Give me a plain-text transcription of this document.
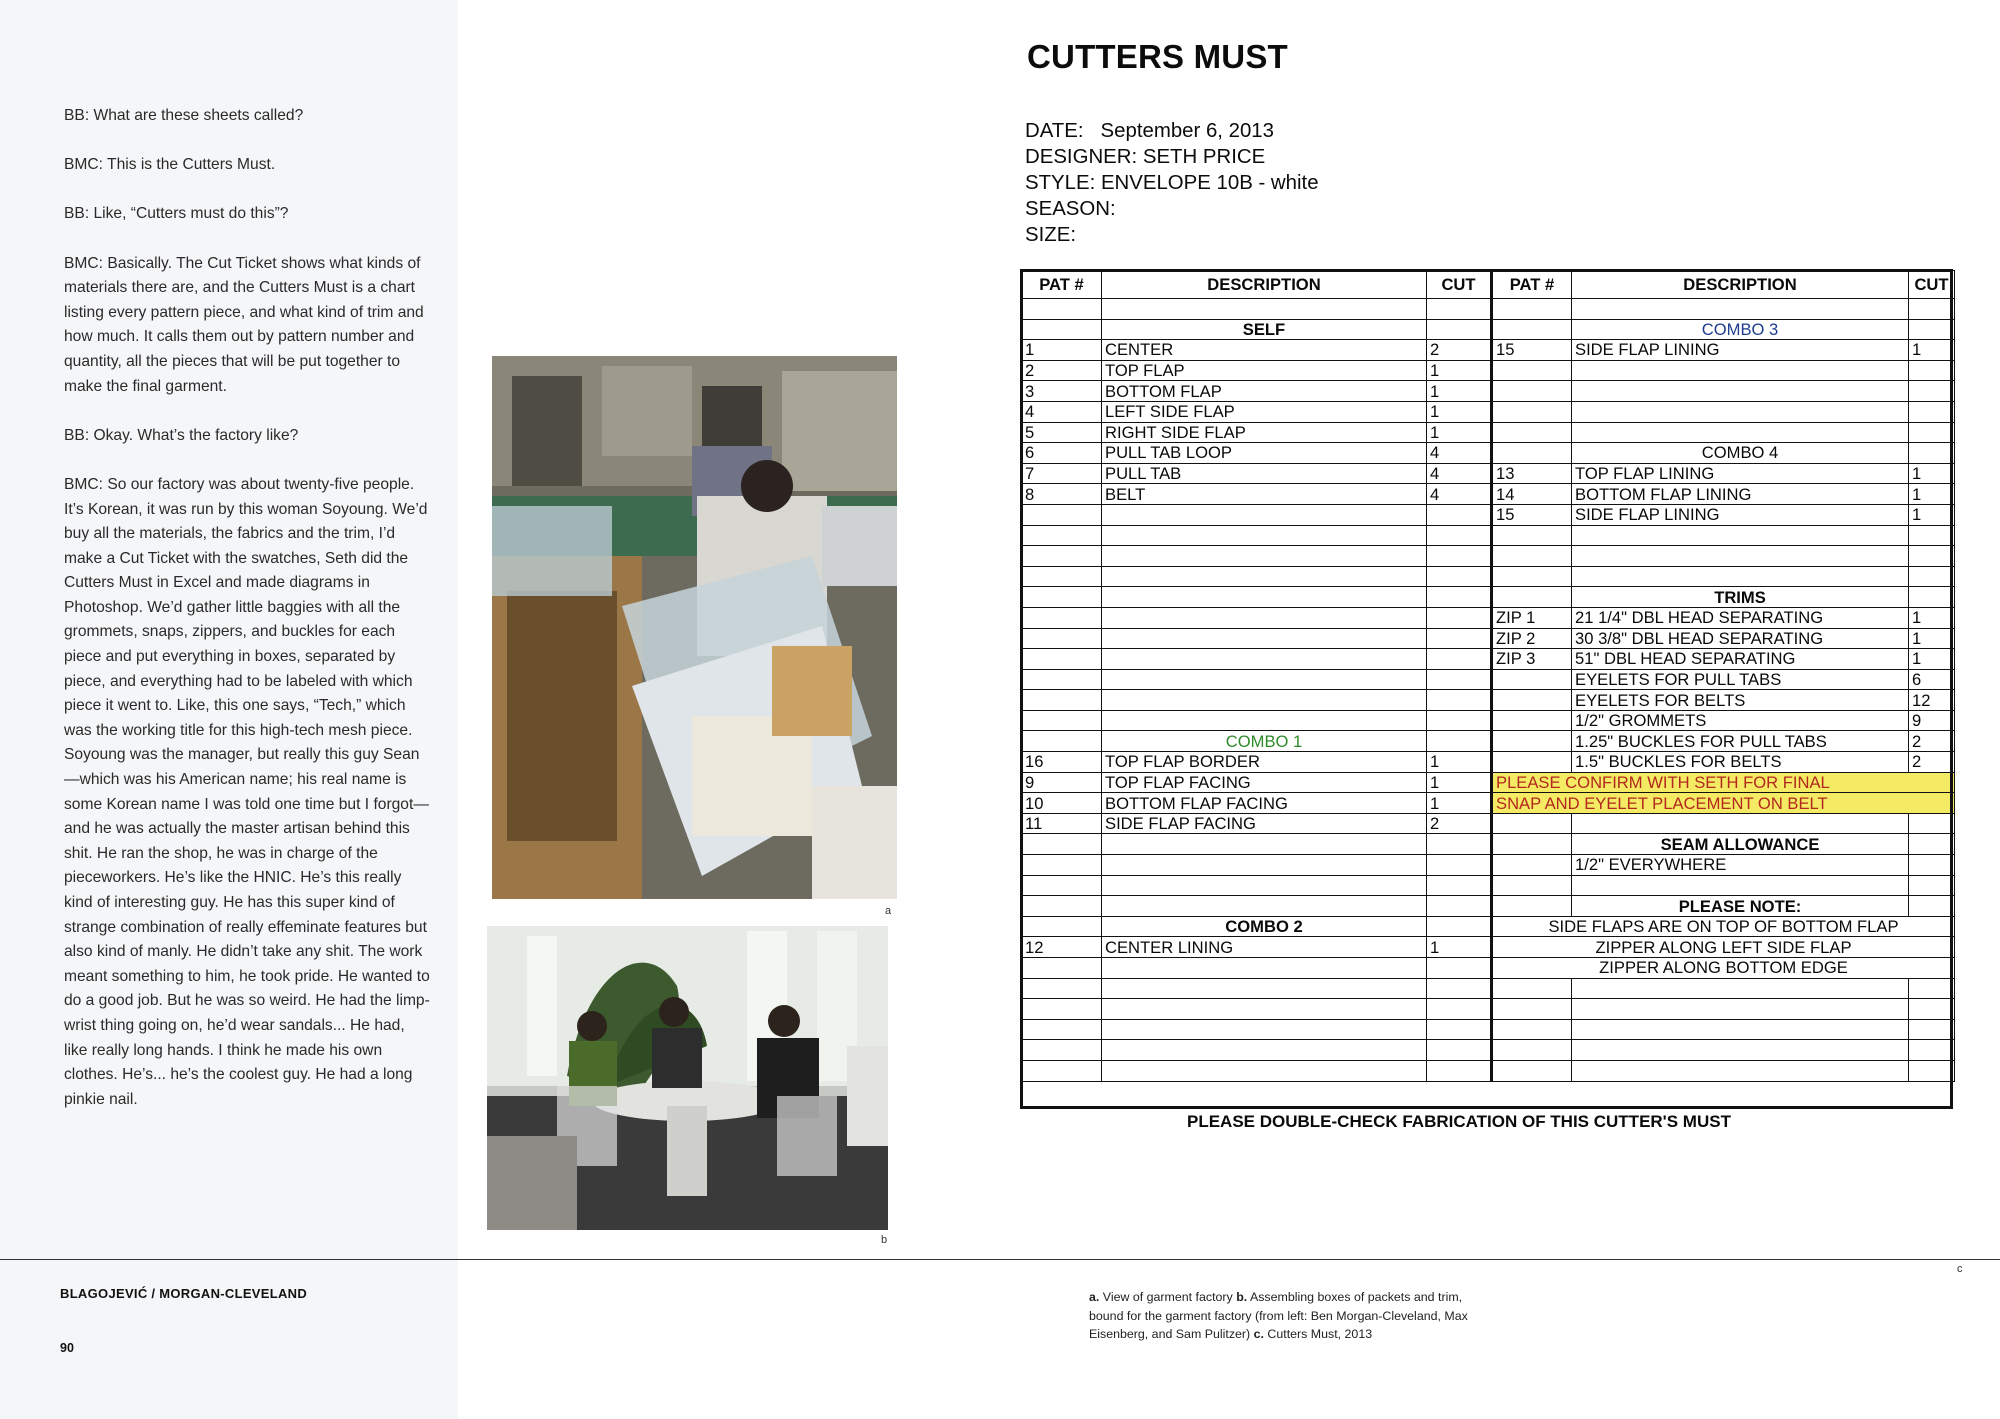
BB: What are these sheets called?

BMC: This is the Cutters Must.

BB: Like, “Cutters must do this”?

BMC: Basically. The Cut Ticket shows what kinds of materials there are, and the Cutters Must is a chart listing every pattern piece, and what kind of trim and how much. It calls them out by pattern number and quantity, all the pieces that will be put together to make the final garment.

BB: Okay. What’s the factory like?

BMC: So our factory was about twenty-five people. It’s Korean, it was run by this woman Soyoung. We’d buy all the materials, the fabrics and the trim, I’d make a Cut Ticket with the swatches, Seth did the Cutters Must in Excel and made diagrams in Photoshop. We’d gather little baggies with all the grommets, snaps, zippers, and buckles for each piece and put everything in boxes, separated by piece, and everything had to be labeled with which piece it went to. Like, this one says, “Tech,” which was the working title for this high-tech mesh piece. Soyoung was the manager, but really this guy Sean—which was his American name; his real name is some Korean name I was told one time but I forgot—and he was actually the master artisan behind this shit. He ran the shop, he was in charge of the pieceworkers. He’s like the HNIC. He’s this really kind of interesting guy. He has this super kind of strange combination of really effeminate features but also kind of manly. He didn’t take any shit. The work meant something to him, he took pride. He wanted to do a good job. But he was so weird. He had the limp-wrist thing going on, he’d wear sandals... He had, like really long hands. I think he made his own clothes. He’s... he’s the coolest guy. He had a long pinkie nail.

a
b
BLAGOJEVIĆ / MORGAN-CLEVELAND
90
a. View of garment factory b. Assembling boxes of packets and trim, bound for the garment factory (from left: Ben Morgan-Cleveland, Max Eisenberg, and Sam Pulitzer) c. Cutters Must, 2013
c
CUTTERS MUST
DATE: September 6, 2013
DESIGNER: SETH PRICE
STYLE: ENVELOPE 10B - white
SEASON:
SIZE:
PAT #	DESCRIPTION	CUT	PAT #	DESCRIPTION	CUT

	SELF			COMBO 3	
1	CENTER	2	15	SIDE FLAP LINING	1
2	TOP FLAP	1			
3	BOTTOM FLAP	1			
4	LEFT SIDE FLAP	1			
5	RIGHT SIDE FLAP	1			
6	PULL TAB LOOP	4		COMBO 4	
7	PULL TAB	4	13	TOP FLAP LINING	1
8	BELT	4	14	BOTTOM FLAP LINING	1
			15	SIDE FLAP LINING	1

				TRIMS	
			ZIP 1	21 1/4" DBL HEAD SEPARATING	1
			ZIP 2	30 3/8" DBL HEAD SEPARATING	1
			ZIP 3	51" DBL HEAD SEPARATING	1
				EYELETS FOR PULL TABS	6
				EYELETS FOR BELTS	12
				1/2" GROMMETS	9
	COMBO 1			1.25" BUCKLES FOR PULL TABS	2
16	TOP FLAP BORDER	1		1.5" BUCKLES FOR BELTS	2
9	TOP FLAP FACING	1	PLEASE CONFIRM WITH SETH FOR FINAL		
10	BOTTOM FLAP FACING	1	SNAP AND EYELET PLACEMENT ON BELT		
11	SIDE FLAP FACING	2			
				SEAM ALLOWANCE	
				1/2" EVERYWHERE	

				PLEASE NOTE:	
	COMBO 2		SIDE FLAPS ARE ON TOP OF BOTTOM FLAP		
12	CENTER LINING	1	ZIPPER ALONG LEFT SIDE FLAP		
			ZIPPER ALONG BOTTOM EDGE		

PLEASE DOUBLE-CHECK FABRICATION OF THIS CUTTER'S MUST
